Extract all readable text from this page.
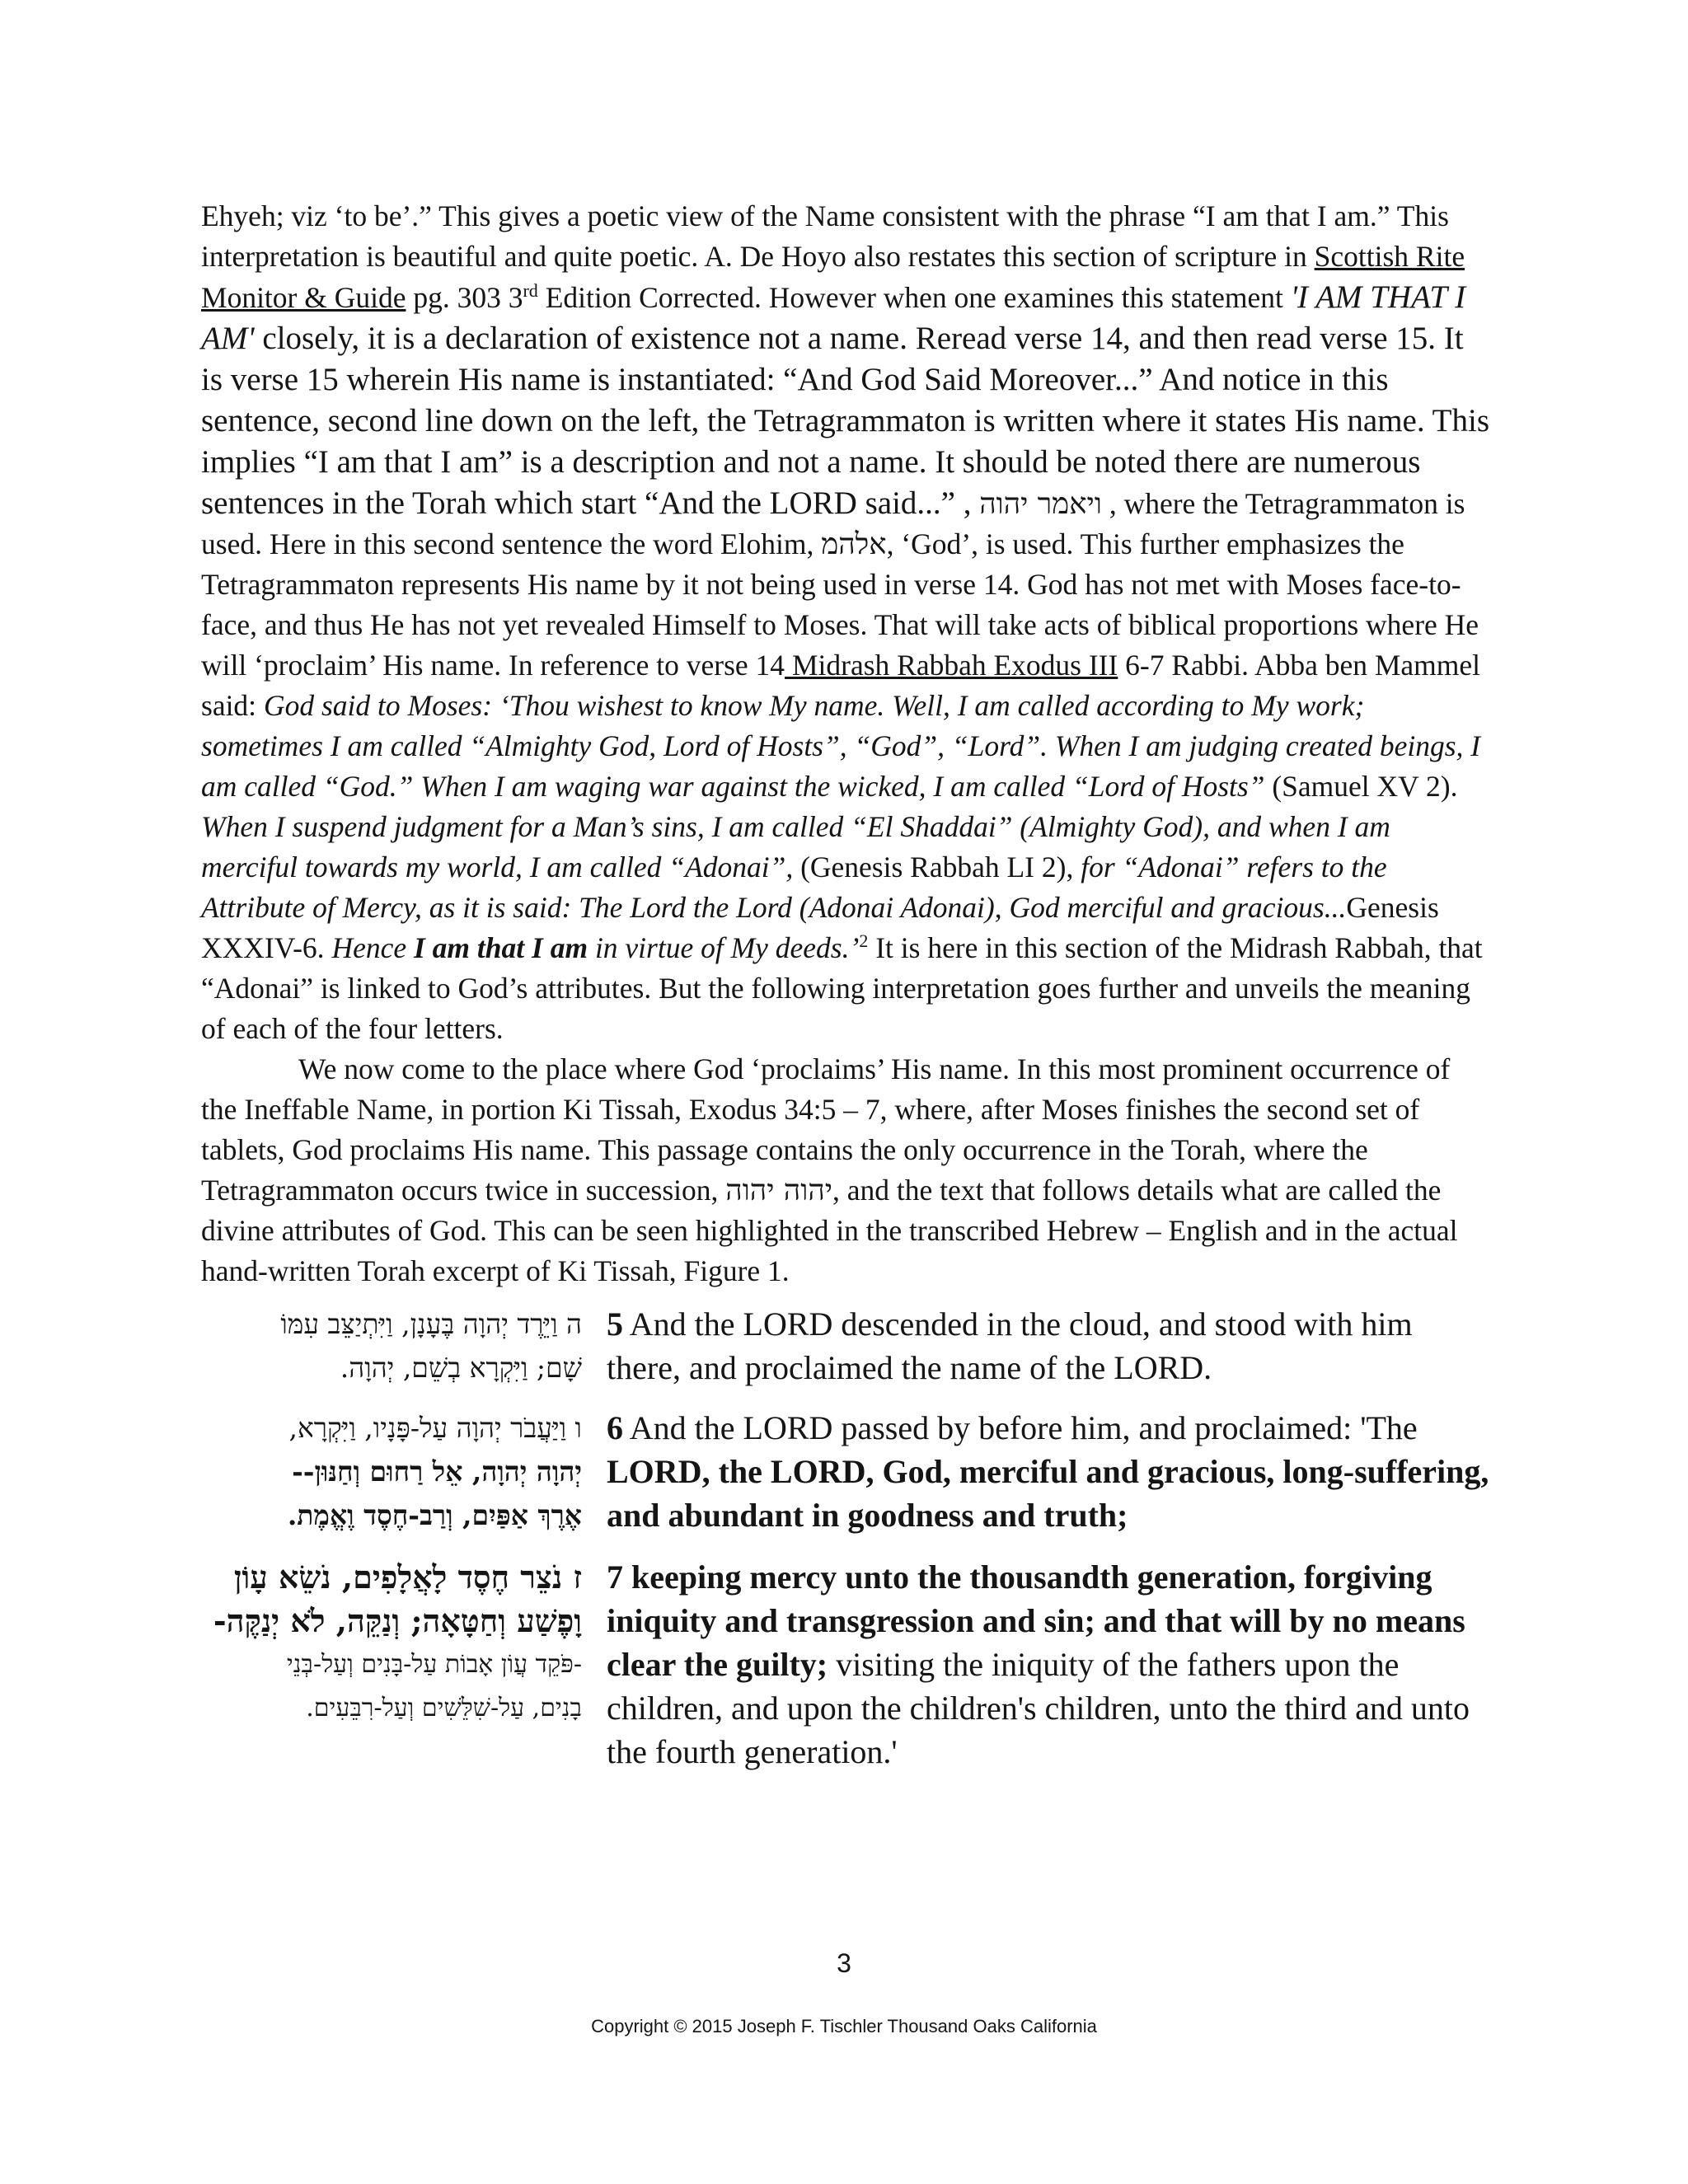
Ehyeh; viz ‘to be’.” This gives a poetic view of the Name consistent with the phrase “I am that I am.” This interpretation is beautiful and quite poetic. A. De Hoyo also restates this section of scripture in Scottish Rite Monitor & Guide pg. 303 3rd Edition Corrected. However when one examines this statement 'I AM THAT I AM' closely, it is a declaration of existence not a name. Reread verse 14, and then read verse 15. It is verse 15 wherein His name is instantiated: “And God Said Moreover...” And notice in this sentence, second line down on the left, the Tetragrammaton is written where it states His name. This implies “I am that I am” is a description and not a name. It should be noted there are numerous sentences in the Torah which start “And the LORD said...” , ויאמר יהוה , where the Tetragrammaton is used. Here in this second sentence the word Elohim, אלהמ, ‘God’, is used. This further emphasizes the Tetragrammaton represents His name by it not being used in verse 14. God has not met with Moses face-to-face, and thus He has not yet revealed Himself to Moses. That will take acts of biblical proportions where He will ‘proclaim’ His name. In reference to verse 14 Midrash Rabbah Exodus III 6-7 Rabbi. Abba ben Mammel said: God said to Moses: ‘Thou wishest to know My name. Well, I am called according to My work; sometimes I am called “Almighty God, Lord of Hosts”, “God”, “Lord”. When I am judging created beings, I am called “God.” When I am waging war against the wicked, I am called “Lord of Hosts” (Samuel XV 2). When I suspend judgment for a Man’s sins, I am called “El Shaddai” (Almighty God), and when I am merciful towards my world, I am called “Adonai”, (Genesis Rabbah LI 2), for “Adonai” refers to the Attribute of Mercy, as it is said: The Lord the Lord (Adonai Adonai), God merciful and gracious...Genesis XXXIV-6. Hence I am that I am in virtue of My deeds.’$^2$ It is here in this section of the Midrash Rabbah, that “Adonai” is linked to God’s attributes. But the following interpretation goes further and unveils the meaning of each of the four letters.

We now come to the place where God ‘proclaims’ His name. In this most prominent occurrence of the Ineffable Name, in portion Ki Tissah, Exodus 34:5 – 7, where, after Moses finishes the second set of tablets, God proclaims His name. This passage contains the only occurrence in the Torah, where the Tetragrammaton occurs twice in succession, יהוה יהוה, and the text that follows details what are called the divine attributes of God. This can be seen highlighted in the transcribed Hebrew – English and in the actual hand-written Torah excerpt of Ki Tissah, Figure 1.

ה וַיֵּרֶד יְהוָה בֶּעָנָן, וַיִּתְיַצֵּב עִמּוֹ
שָׁם; וַיִּקְרָא בְשֵׁם, יְהוָה.
5 And the LORD descended in the cloud, and stood with him there, and proclaimed the name of the LORD.
ו וַיַּעֲבֹר יְהוָה עַל-פָּנָיו, וַיִּקְרָא,
יְהוָה יְהוָה, אֵל רַחוּם וְחַנּוּן--
אֶרֶךְ אַפַּיִם, וְרַב-חֶסֶד וֶאֱמֶת.
6 And the LORD passed by before him, and proclaimed: 'The LORD, the LORD, God, merciful and gracious, long-suffering, and abundant in goodness and truth;
ז נֹצֵר חֶסֶד לָאֲלָפִים, נֹשֵׂא עָוֹן
וָפֶשַׁע וְחַטָּאָה; וְנַקֵּה, לֹא יְנַקֶּה-
-פֹּקֵד עֲוֹן אָבוֹת עַל-בָּנִים וְעַל-בְּנֵי
בָנִים, עַל-שִׁלֵּשִׁים וְעַל-רִבֵּעִים.
7 keeping mercy unto the thousandth generation, forgiving iniquity and transgression and sin; and that will by no means clear the guilty; visiting the iniquity of the fathers upon the children, and upon the children's children, unto the third and unto the fourth generation.'
3
Copyright © 2015 Joseph F. Tischler Thousand Oaks California
